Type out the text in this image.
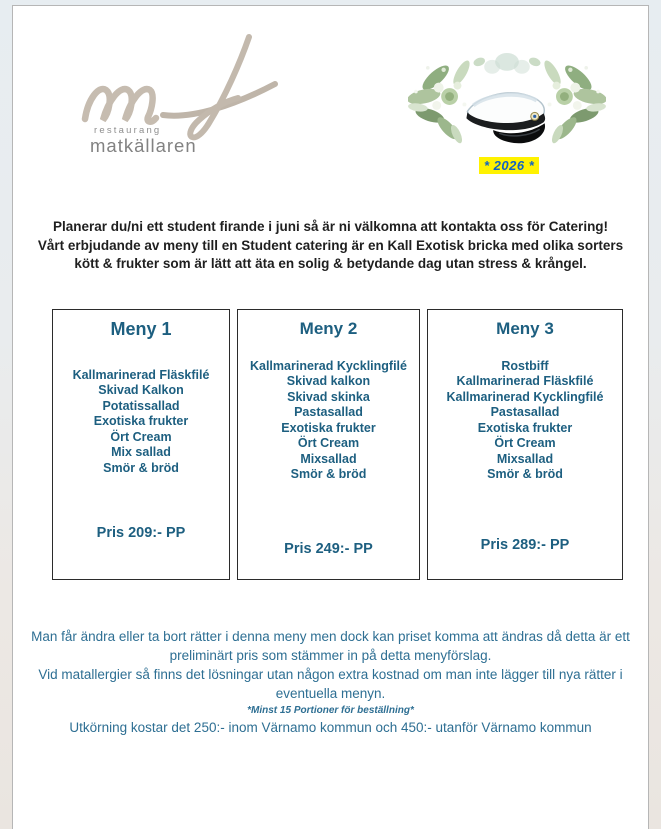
restaurang
matkällaren
* 2026 *

Planerar du/ni ett student firande i juni så är ni välkomna att kontakta oss för Catering!

Vårt erbjudande av meny till en Student catering är en Kall Exotisk bricka med olika sorters kött & frukter som är lätt att äta en solig & betydande dag utan stress & krångel.

Meny 1
Kallmarinerad Fläskfilé
Skivad Kalkon
Potatissallad
Exotiska frukter
Ört Cream
Mix sallad
Smör & bröd
Pris 209:- PP
Meny 2
Kallmarinerad Kycklingfilé
Skivad kalkon
Skivad skinka
Pastasallad
Exotiska frukter
Ört Cream
Mixsallad
Smör & bröd
Pris 249:- PP
Meny 3
Rostbiff
Kallmarinerad Fläskfilé
Kallmarinerad Kycklingfilé
Pastasallad
Exotiska frukter
Ört Cream
Mixsallad
Smör & bröd
Pris 289:- PP

Man får ändra eller ta bort rätter i denna meny men dock kan priset komma att ändras då detta är ett preliminärt pris som stämmer in på detta menyförslag.

Vid matallergier så finns det lösningar utan någon extra kostnad om man inte lägger till nya rätter i eventuella menyn.

*Minst 15 Portioner för beställning*

Utkörning kostar det 250:- inom Värnamo kommun och 450:- utanför Värnamo kommun
